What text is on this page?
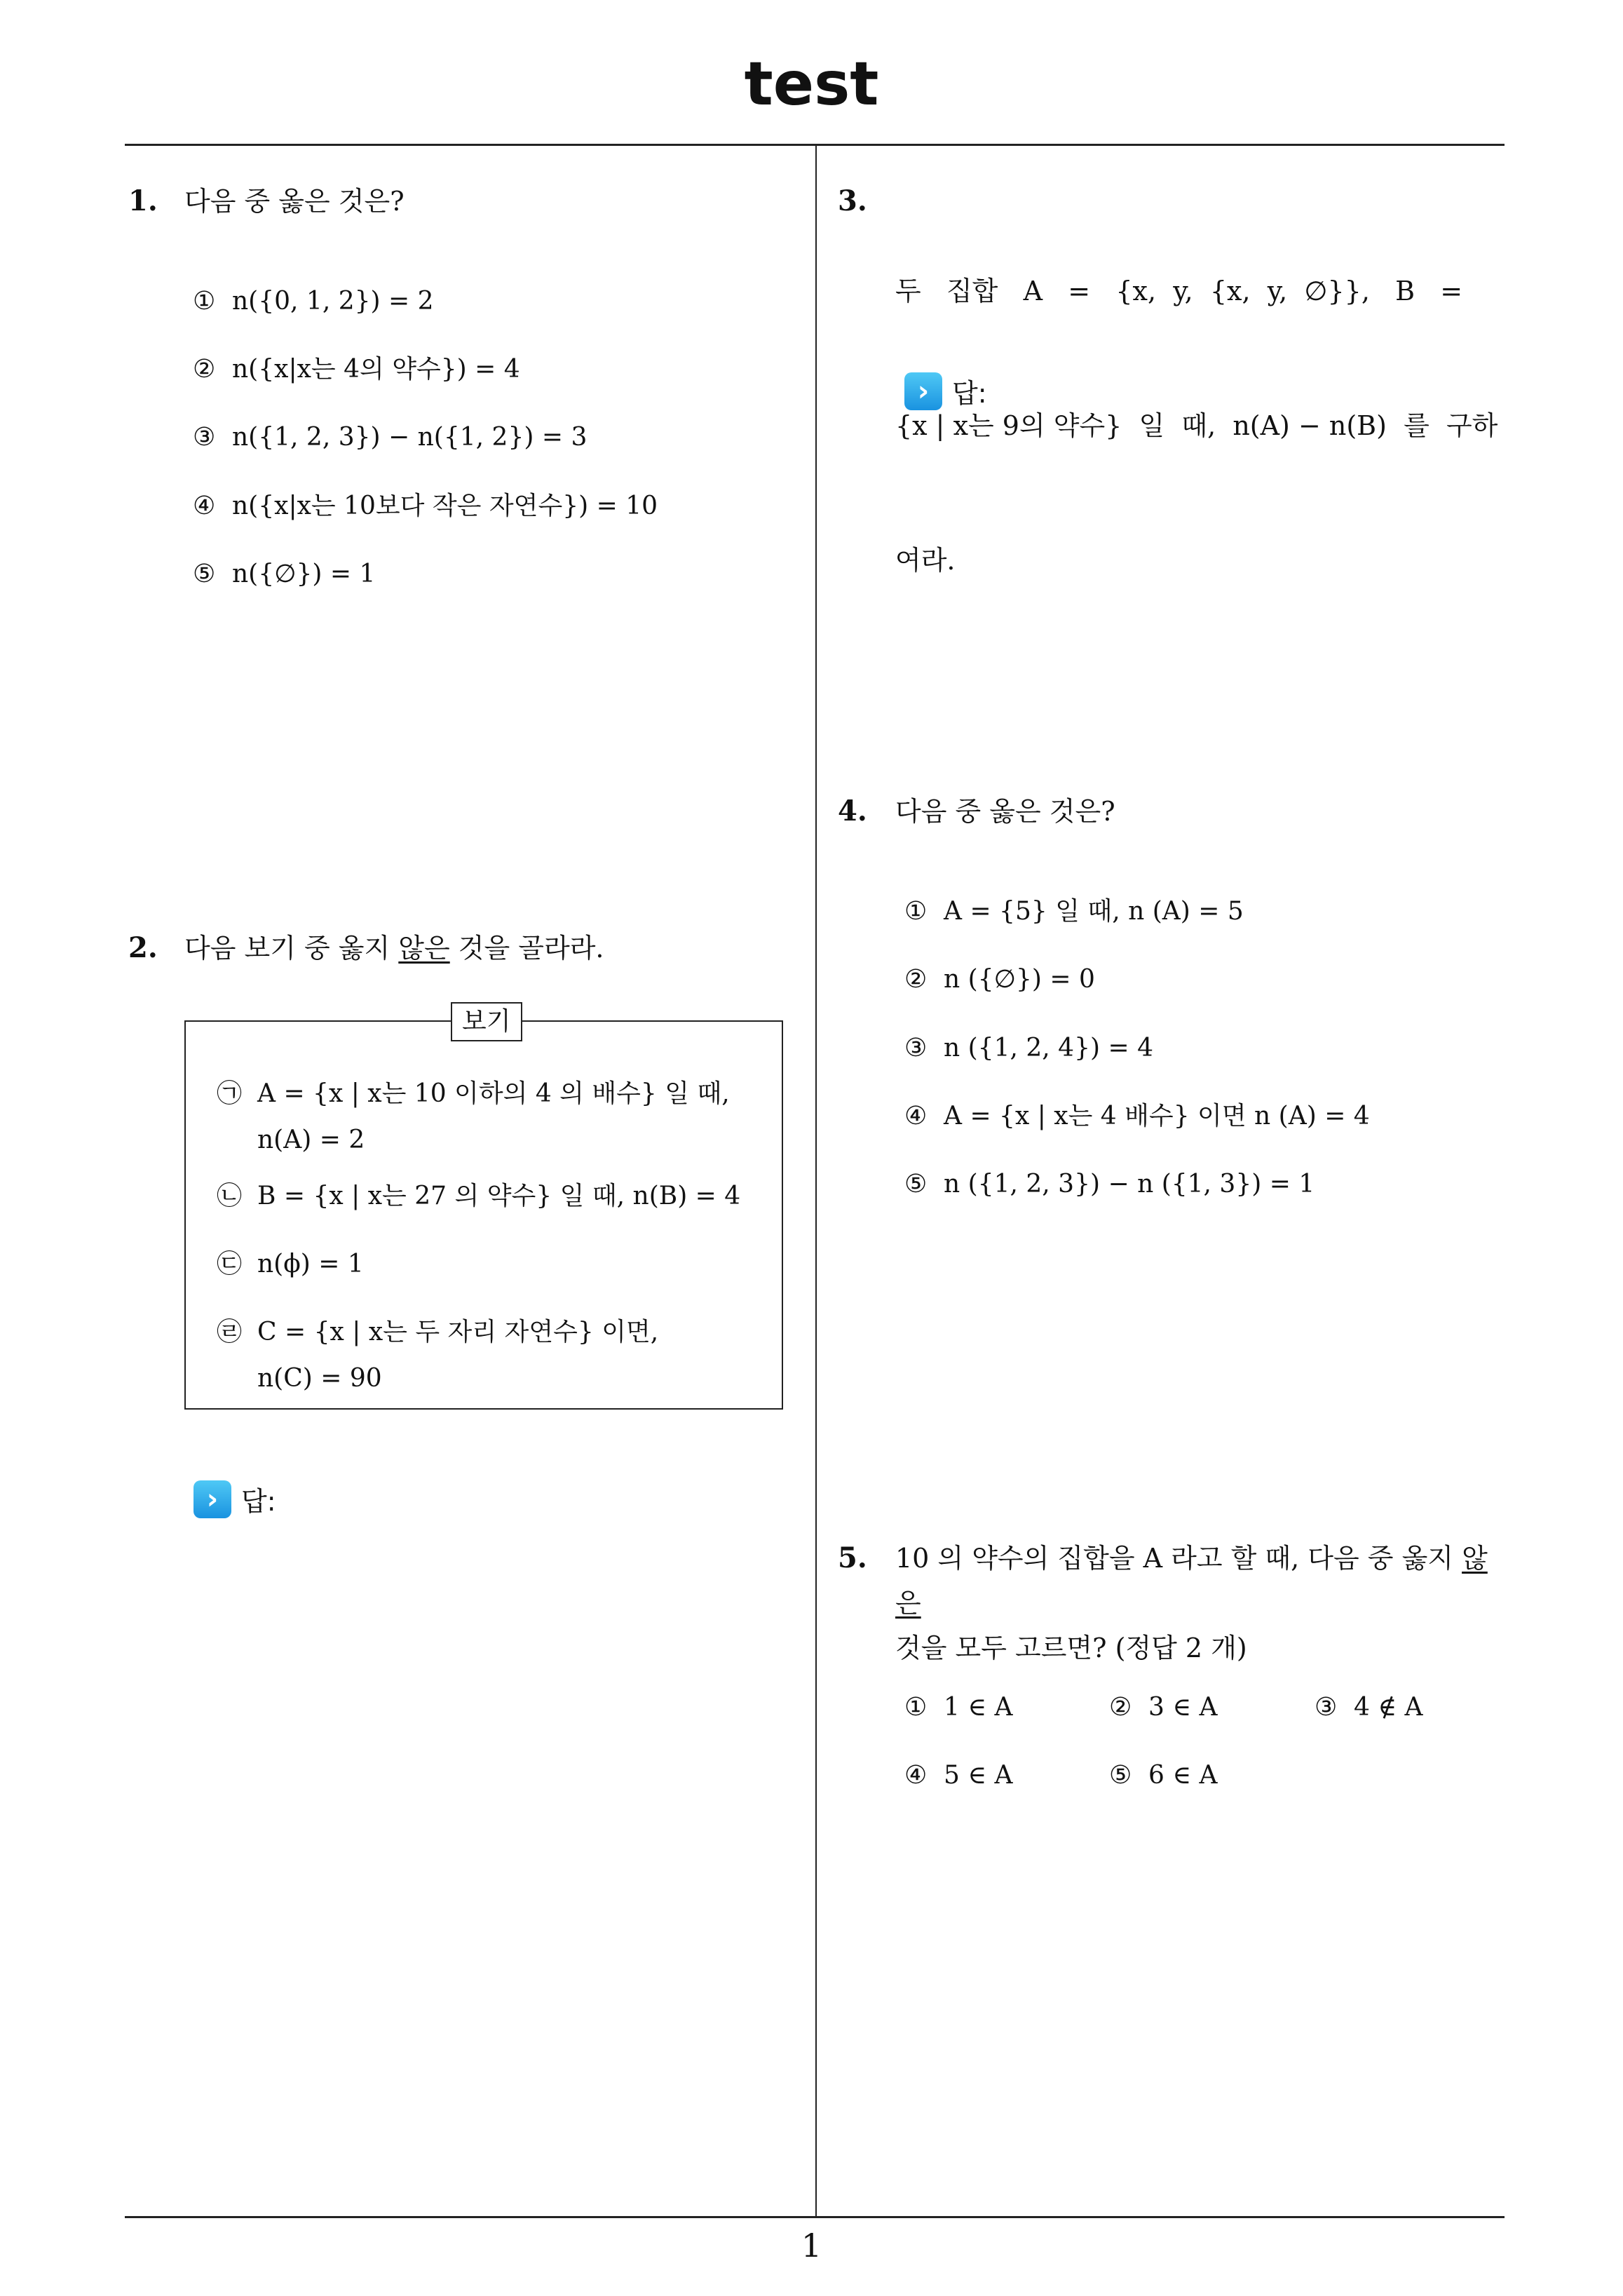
test
1
1. 다음 중 옳은 것은?
① n({0, 1, 2}) = 2
② n({x|x는 4의 약수}) = 4
③ n({1, 2, 3}) − n({1, 2}) = 3
④ n({x|x는 10보다 작은 자연수}) = 10
⑤ n({∅}) = 1
2. 다음 보기 중 옳지 않은 것을 골라라.
보기
㉠ A = {x | x는 10 이하의 4 의 배수} 일 때,
n(A) = 2
㉡ B = {x | x는 27 의 약수} 일 때, n(B) = 4
㉢ n(ϕ) = 1
㉣ C = {x | x는 두 자리 자연수} 이면,
n(C) = 90
› 답:
3.

두   집합   A   =   {x,  y,  {x,  y,  ∅}},   B   =

{x | x는 9의 약수}  일  때,  n(A) − n(B)  를  구하

여라.

› 답:
4. 다음 중 옳은 것은?
① A = {5} 일 때, n (A) = 5
② n ({∅}) = 0
③ n ({1, 2, 4}) = 4
④ A = {x | x는 4 배수} 이면 n (A) = 4
⑤ n ({1, 2, 3}) − n ({1, 3}) = 1
5. 10 의 약수의 집합을 A 라고 할 때, 다음 중 옳지 않은
것을 모두 고르면? (정답 2 개)
① 1 ∈ A	② 3 ∈ A	③ 4 ∉ A
④ 5 ∈ A	⑤ 6 ∈ A
